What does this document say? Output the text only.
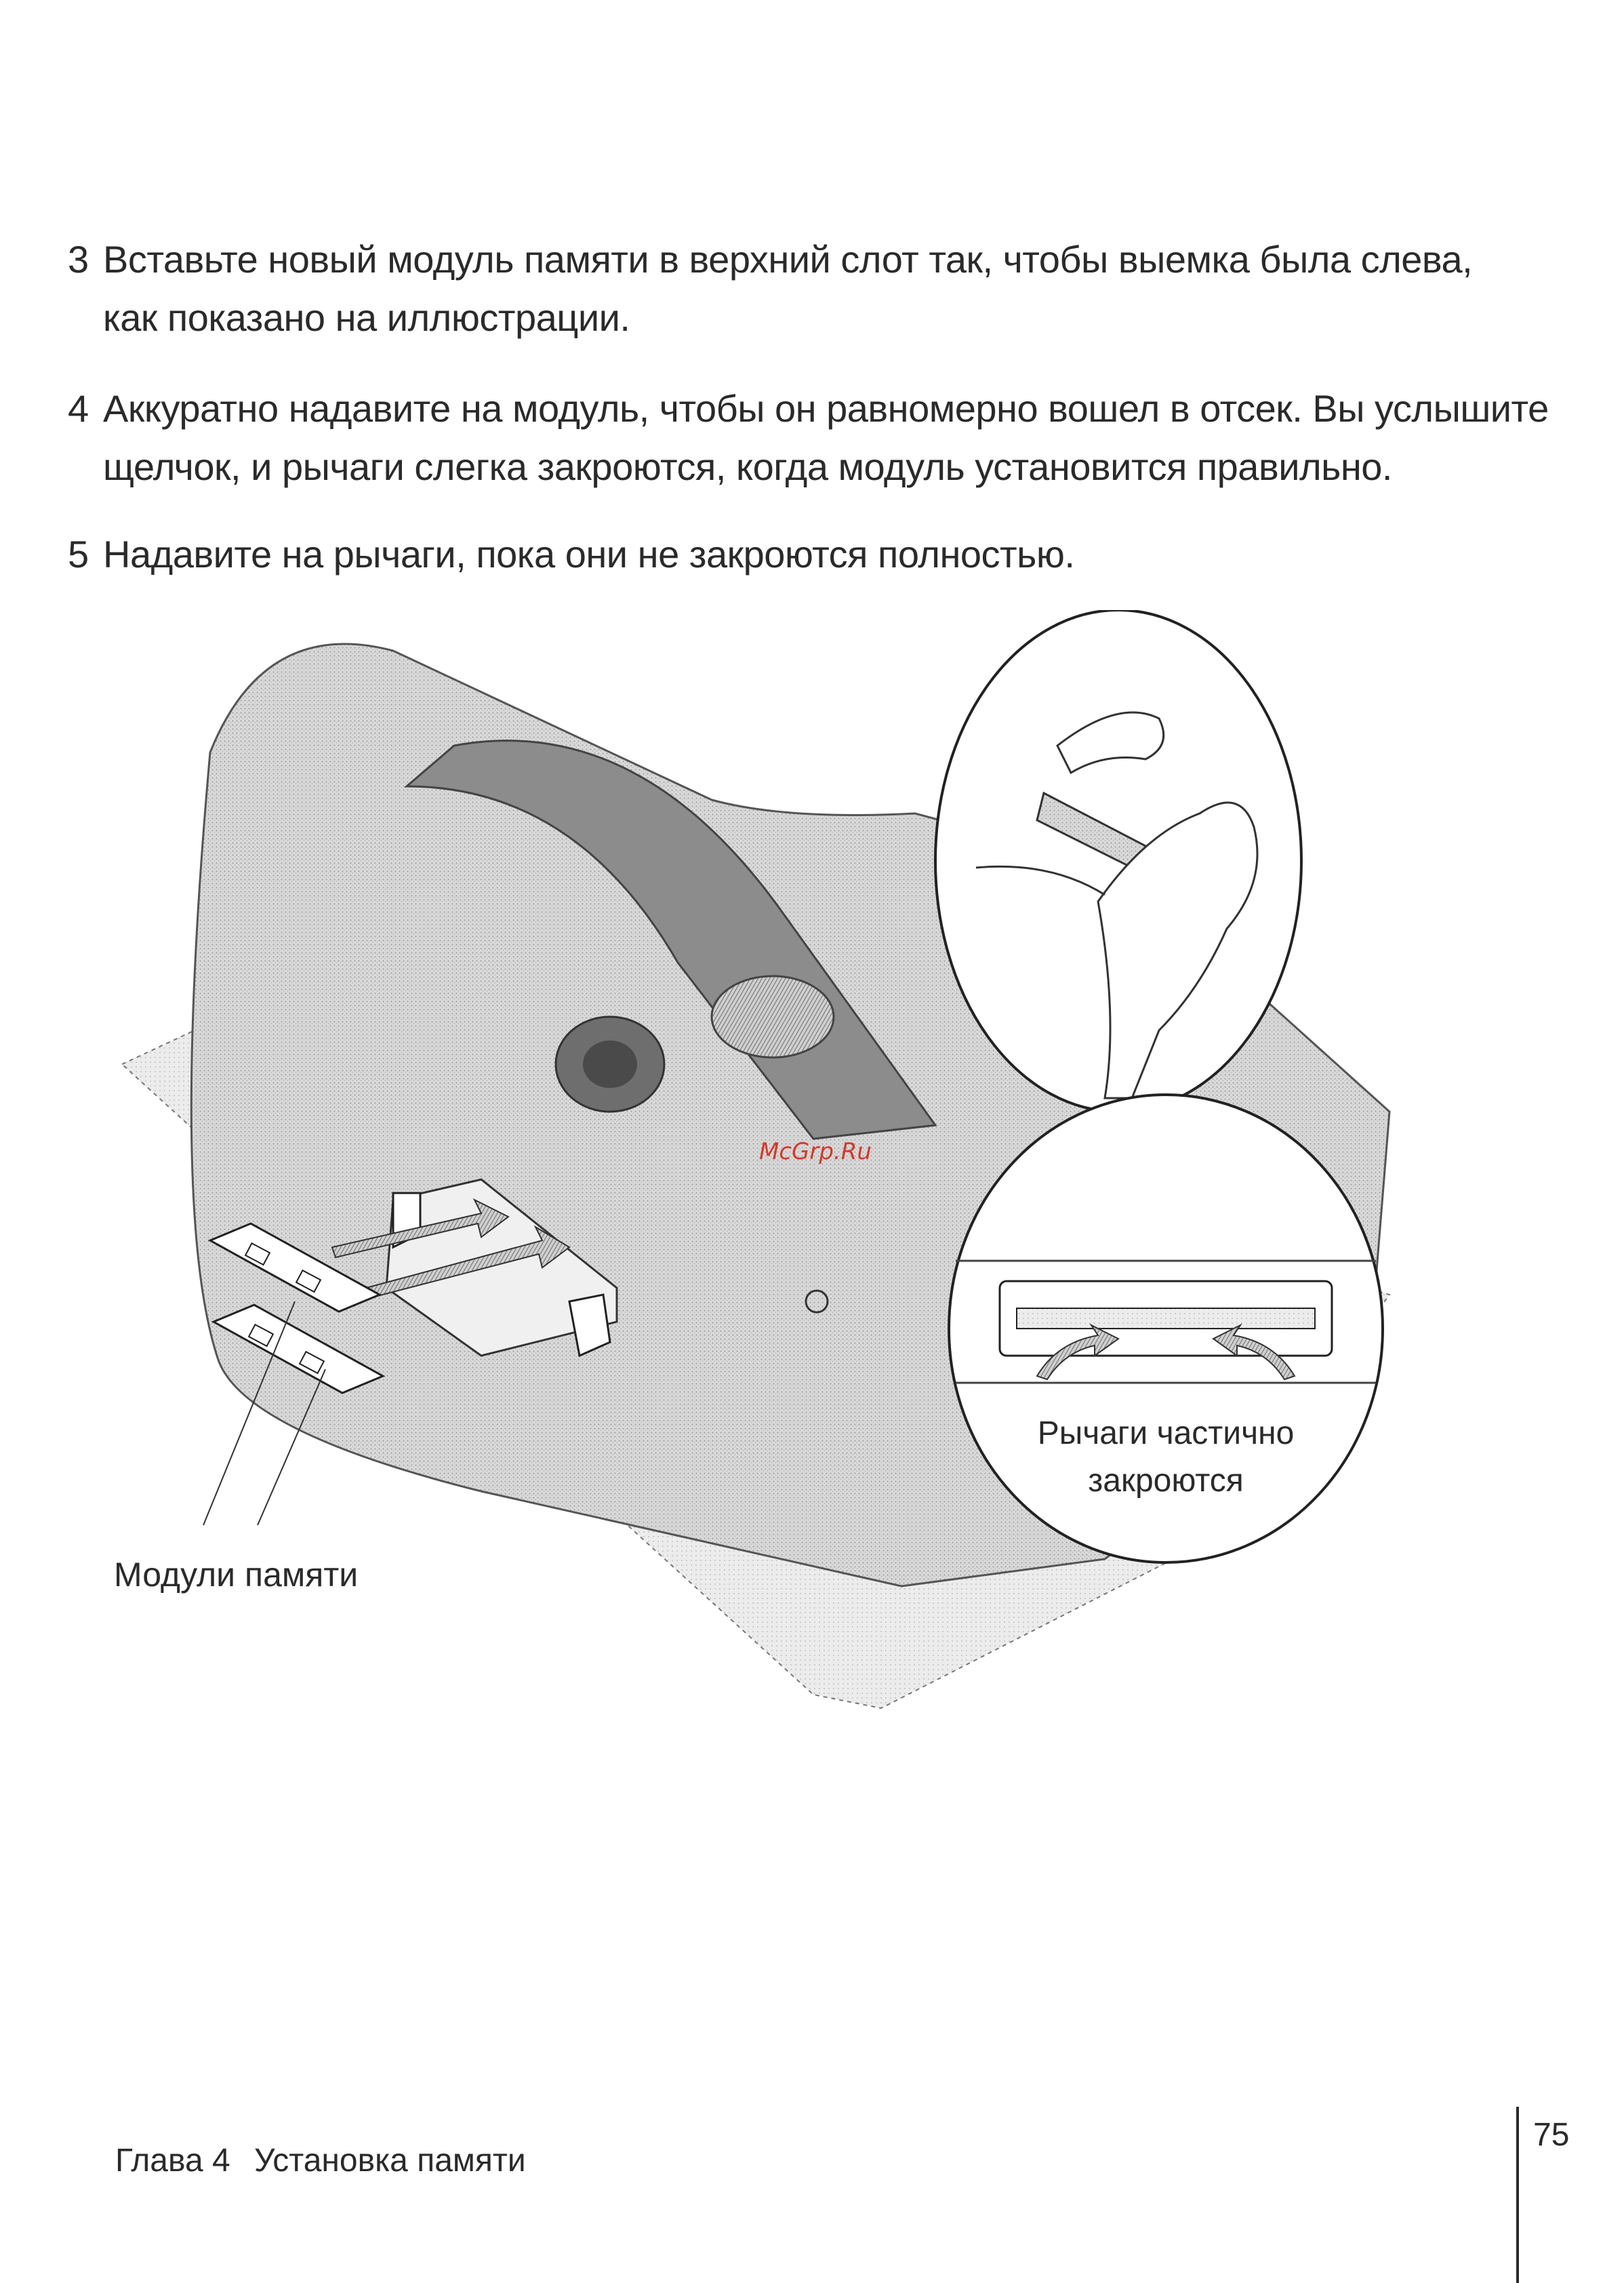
3 Вставьте новый модуль памяти в верхний слот так, чтобы выемка была слева,
как показано на иллюстрации.
4 Аккуратно надавите на модуль, чтобы он равномерно вошел в отсек. Вы услышите
щелчок, и рычаги слегка закроются, когда модуль установится правильно.
5 Надавите на рычаги, пока они не закроются полностью.
Модули памяти
McGrp.Ru
Рычаги частично
закроются
Глава 4 Установка памяти
75
